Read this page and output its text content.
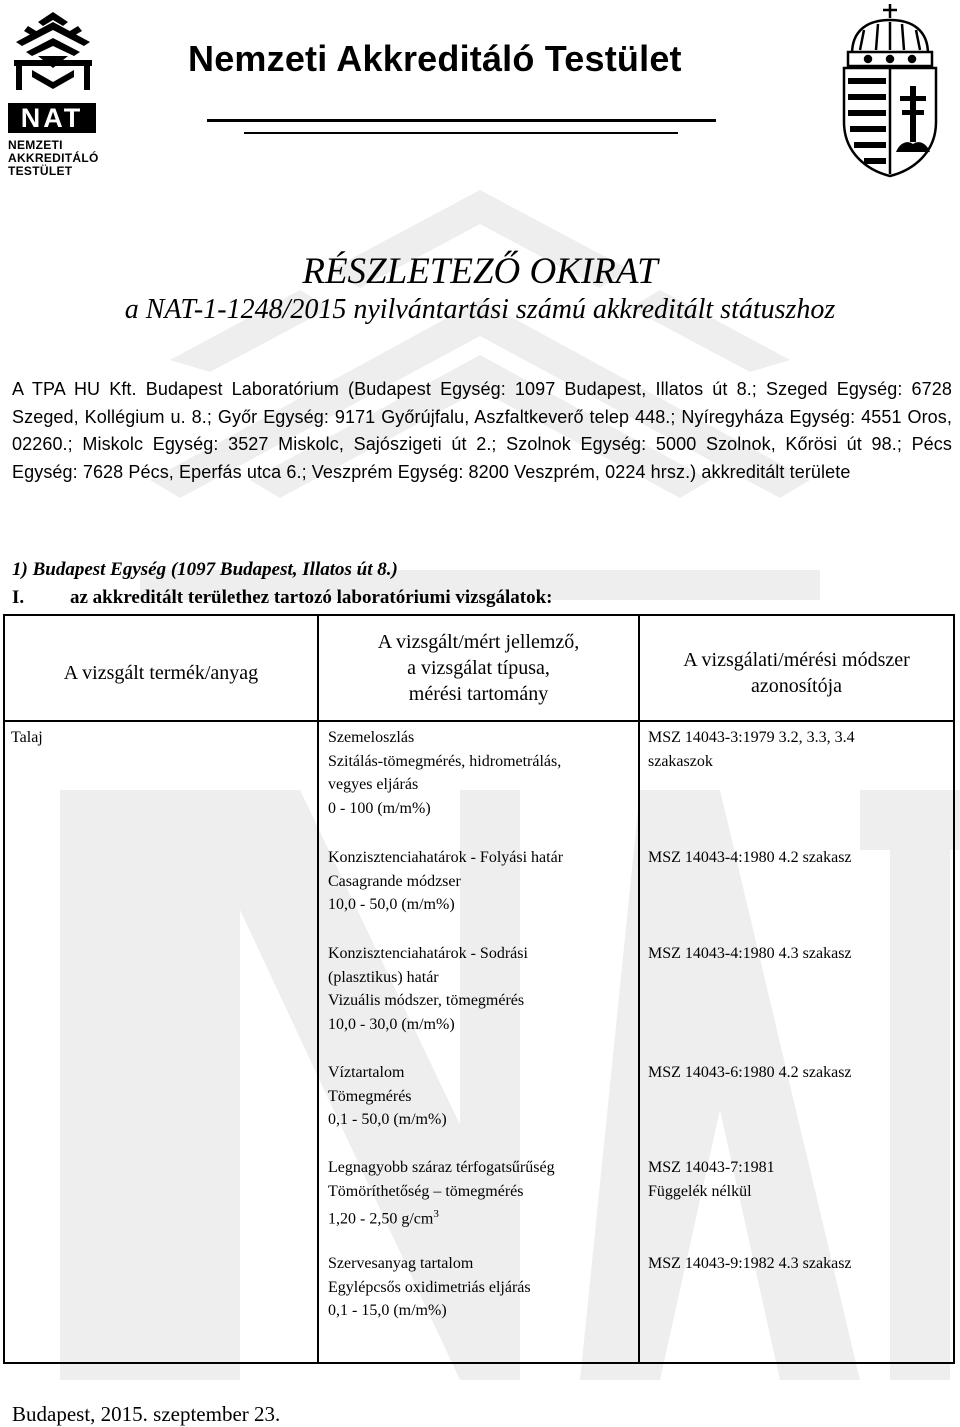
NAT
NEMZETI
AKKREDITÁLÓ
TESTÜLET
Nemzeti Akkreditáló Testület
RÉSZLETEZŐ OKIRAT
a NAT-1-1248/2015 nyilvántartási számú akkreditált státuszhoz
A TPA HU Kft. Budapest Laboratórium (Budapest Egység: 1097 Budapest, Illatos út 8.; Szeged Egység: 6728 Szeged, Kollégium u. 8.; Győr Egység: 9171 Győrújfalu, Aszfaltkeverő telep 448.; Nyíregyháza Egység: 4551 Oros, 02260.; Miskolc Egység: 3527 Miskolc, Sajószigeti út 2.; Szolnok Egység: 5000 Szolnok, Kőrösi út 98.; Pécs Egység: 7628 Pécs, Eperfás utca 6.; Veszprém Egység: 8200 Veszprém, 0224 hrsz.) akkreditált területe
1) Budapest Egység (1097 Budapest, Illatos út 8.)
I. az akkreditált területhez tartozó laboratóriumi vizsgálatok:
A vizsgált termék/anyag
A vizsgált/mért jellemző,
a vizsgálat típusa,
mérési tartomány
A vizsgálati/mérési módszer
azonosítója
Talaj	Szemeloszlás
Szitálás-tömegmérés, hidrometrálás,
vegyes eljárás
0 - 100 (m/m%)
MSZ 14043-3:1979 3.2, 3.3, 3.4
szakaszok
Konzisztenciahatárok - Folyási határ
Casagrande módzser
10,0 - 50,0 (m/m%)
MSZ 14043-4:1980 4.2 szakasz
Konzisztenciahatárok - Sodrási
(plasztikus) határ
Vizuális módszer, tömegmérés
10,0 - 30,0 (m/m%)
MSZ 14043-4:1980 4.3 szakasz
Víztartalom
Tömegmérés
0,1 - 50,0 (m/m%)
MSZ 14043-6:1980 4.2 szakasz
Legnagyobb száraz térfogatsűrűség
Tömöríthetőség – tömegmérés
1,20 - 2,50 $g/cm^3$
MSZ 14043-7:1981
Függelék nélkül
Szervesanyag tartalom
Egylépcsős oxidimetriás eljárás
0,1 - 15,0 (m/m%)
MSZ 14043-9:1982 4.3 szakasz
Budapest, 2015. szeptember 23.
